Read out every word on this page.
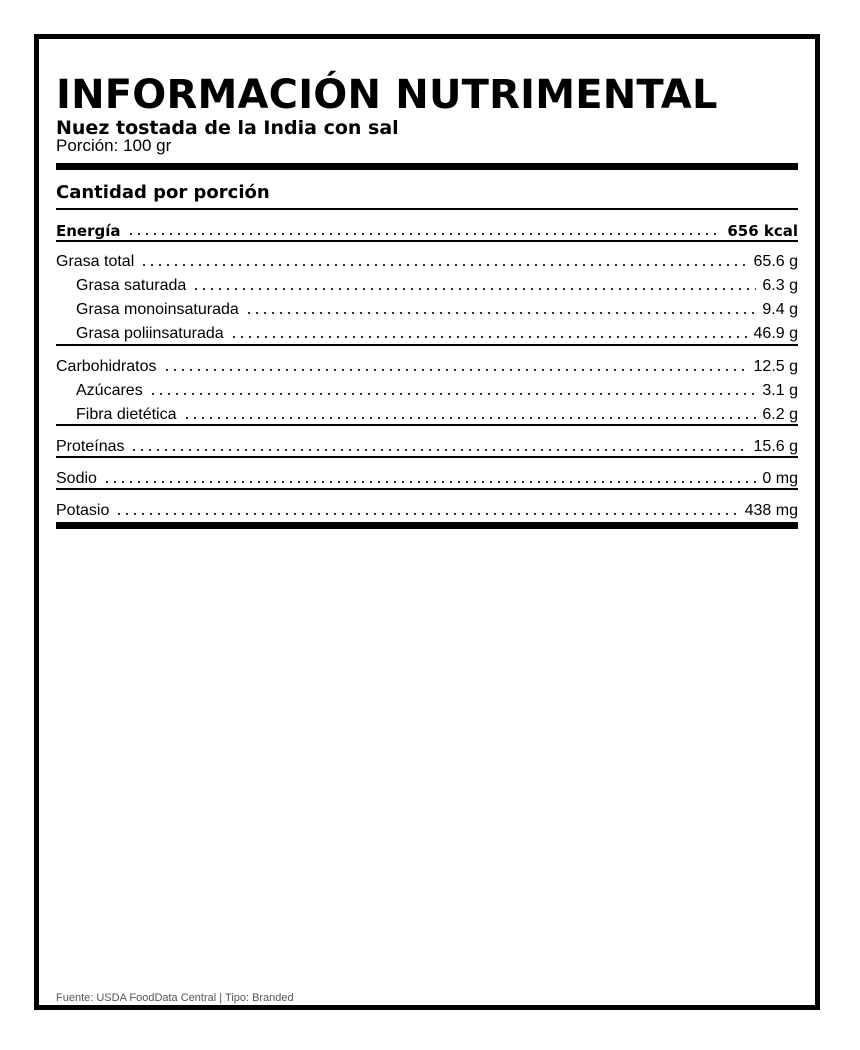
INFORMACIÓN NUTRIMENTAL
Nuez tostada de la India con sal
Porción: 100 gr
Cantidad por porción
Energía	656 kcal
Grasa total	65.6 g
Grasa saturada	6.3 g
Grasa monoinsaturada	9.4 g
Grasa poliinsaturada	46.9 g
Carbohidratos	12.5 g
Azúcares	3.1 g
Fibra dietética	6.2 g
Proteínas	15.6 g
Sodio	0 mg
Potasio	438 mg
Fuente: USDA FoodData Central | Tipo: Branded
